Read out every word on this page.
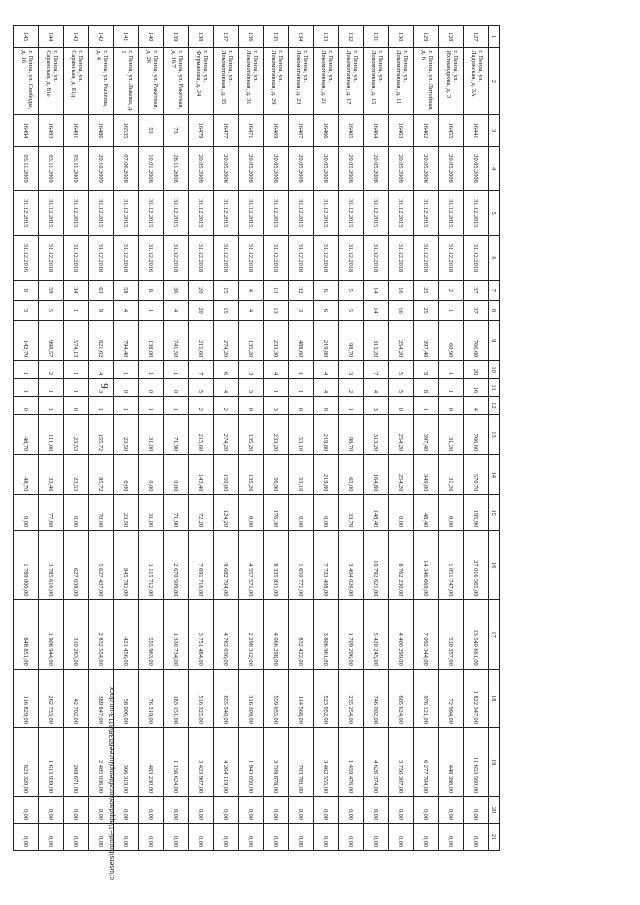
9
1	2	3	4	5	6	7	8	9	10	11	12	13	14	15	16	17	18	19	20	21
127	г. Пенза, ул. Ладожская, д. 3А	16441	20.05.2008	31.12.2015	31.12.2018	37	37	766,60	20	16	4	766,60	570,70	195,90	27 016 565,00	13 540 661,00	1 822 347,00	11 653 560,00	0,00	0,00
128	г. Пенза, ул. Ихтиандрова, д. 3	16455	20.05.2008	31.12.2015	31.12.2018	2	1	60,90	1	1	0	31,20	31,20	0,00	1 051 747,00	530 357,00	72 994,00	448 396,00	0,00	0,00
129	г. Пенза, ул. Литейная, д. 6	16462	20.05.2008	31.12.2015	31.12.2018	25	25	397,40	9	8	1	397,40	349,00	48,40	14 346 669,00	7 092 344,00	976 121,00	6 277 704,00	0,00	0,00
130	г. Пенза, ул. Локомотивная, д. 11	16463	20.05.2008	31.12.2015	31.12.2018	16	16	254,20	5	5	0	254,20	254,20	0,00	8 762 230,00	4 400 299,00	605 624,00	3 756 307,00	0,00	0,00
131	г. Пенза, ул. Локомотивная, д. 15	16464	20.05.2008	31.12.2015	31.12.2018	14	14	313,20	7	4	3	313,20	164,80	148,40	10 792 621,00	5 420 245,00	746 002,00	4 626 374,00	0,00	0,00
132	г. Пенза, ул. Локомотивная, д. 17	16465	20.05.2008	31.12.2015	31.12.2018	5	5	98,70	3	2	1	98,70	65,00	33,70	3 404 026,00	1 709 296,00	235 254,00	1 459 476,00	0,00	0,00
133	г. Пенза, ул. Локомотивная, д. 21	16466	20.05.2008	31.12.2015	31.12.2018	6	6	219,80	4	4	0	219,80	219,80	0,00	7 733 408,00	3 806 961,00	523 952,00	3 462 555,00	0,00	0,00
134	г. Пенза, ул. Локомотивная, д. 23	16467	20.05.2008	31.12.2015	31.12.2018	32	3	488,60	1	1	0	53,10	53,10	0,00	1 650 771,00	832 422,00	114 568,00	703 781,00	0,00	0,00
135	г. Пенза, ул. Локомотивная, д. 29	16469	20.05.2008	31.12.2015	31.12.2018	13	13	233,30	4	1	3	233,20	56,90	176,30	8 335 831,00	4 066 298,00	559 655,00	3 709 878,00	0,00	0,00
136	г. Пенза, ул. Локомотивная, д. 31	16471	20.05.2008	31.12.2015	31.12.2018	4	4	135,20	3	3	0	135,20	135,20	0,00	4 557 571,00	2 298 312,00	316 309,00	1 943 050,00	0,00	0,00
137	г. Пенза, ул. Локомотивная, д. 35	16477	20.05.2008	31.12.2015	31.12.2018	15	15	274,20	6	4	2	274,20	150,00	124,20	9 682 704,00	4 763 036,00	655 540,00	4 264 119,00	0,00	0,00
138	г. Пенза, ул. Фурманова, д. 24	16479	20.05.2008	31.12.2015	31.12.2018	20	20	215,60	7	5	2	215,60	143,40	72,20	7 691 716,00	3 751 484,00	516 325,00	3 423 907,00	0,00	0,00
139	г. Пенза, ул. Ракетная, д. 16/7	73	28.11.2008	31.12.2015	31.12.2018	36	4	741,50	1	0	1	71,90	0,00	71,90	2 670 509,00	1 330 734,00	183 151,00	1 156 624,00	0,00	0,00
140	г. Пенза, ул. Ракетная, д. 26	53	10.01.2008	31.12.2015	31.12.2016	8	1	138,00	1	0	1	31,00	0,00	31,00	1 115 712,00	555 963,00	76 519,00	483 230,00	0,00	0,00
141	г. Пенза, ул. Лыкова, д. 1	16535	07.06.2008	31.12.2015	31.12.2018	58	4	794,40	1	0	1	23,50	0,00	23,50	845 781,00	421 456,00	58 006,00	366 319,00	0,00	0,00
142	г. Пенза, ул. Рылеева, д. 4	16486	20.10.2009	31.12.2015	31.12.2018	63	9	821,62	4	3	1	155,72	85,72	70,00	5 627 437,00	2 832 554,00	389 847,00	2 405 036,00	0,00	0,00
143	г. Пенза, ул. Саранская, д. 81д	16491	03.11.2009	31.12.2015	31.12.2018	34	1	574,13	1	1	0	23,53	23,53	0,00	627 638,00	310 263,00	42 702,00	269 671,00	0,00	0,00
144	г. Пенза, ул. Саранская, д. 81е	16493	03.11.2009	31.12.2015	31.12.2018	59	5	998,57	2	1	1	111,00	33,40	77,60	3 785 616,00	1 908 944,00	262 733,00	1 613 939,00	0,00	0,00
145	г. Пенза, ул. Свободы, д. 16	16494	03.11.2009	31.12.2015	31.12.2016	8	3	142,70	1	1	0	48,70	48,70	0,00	1 789 000,00	848 851,00	116 829,00	823 320,00	0,00	0,00	c:\users\borodi~1\appdata\local\temp\lucee6038\8113-un.docx
